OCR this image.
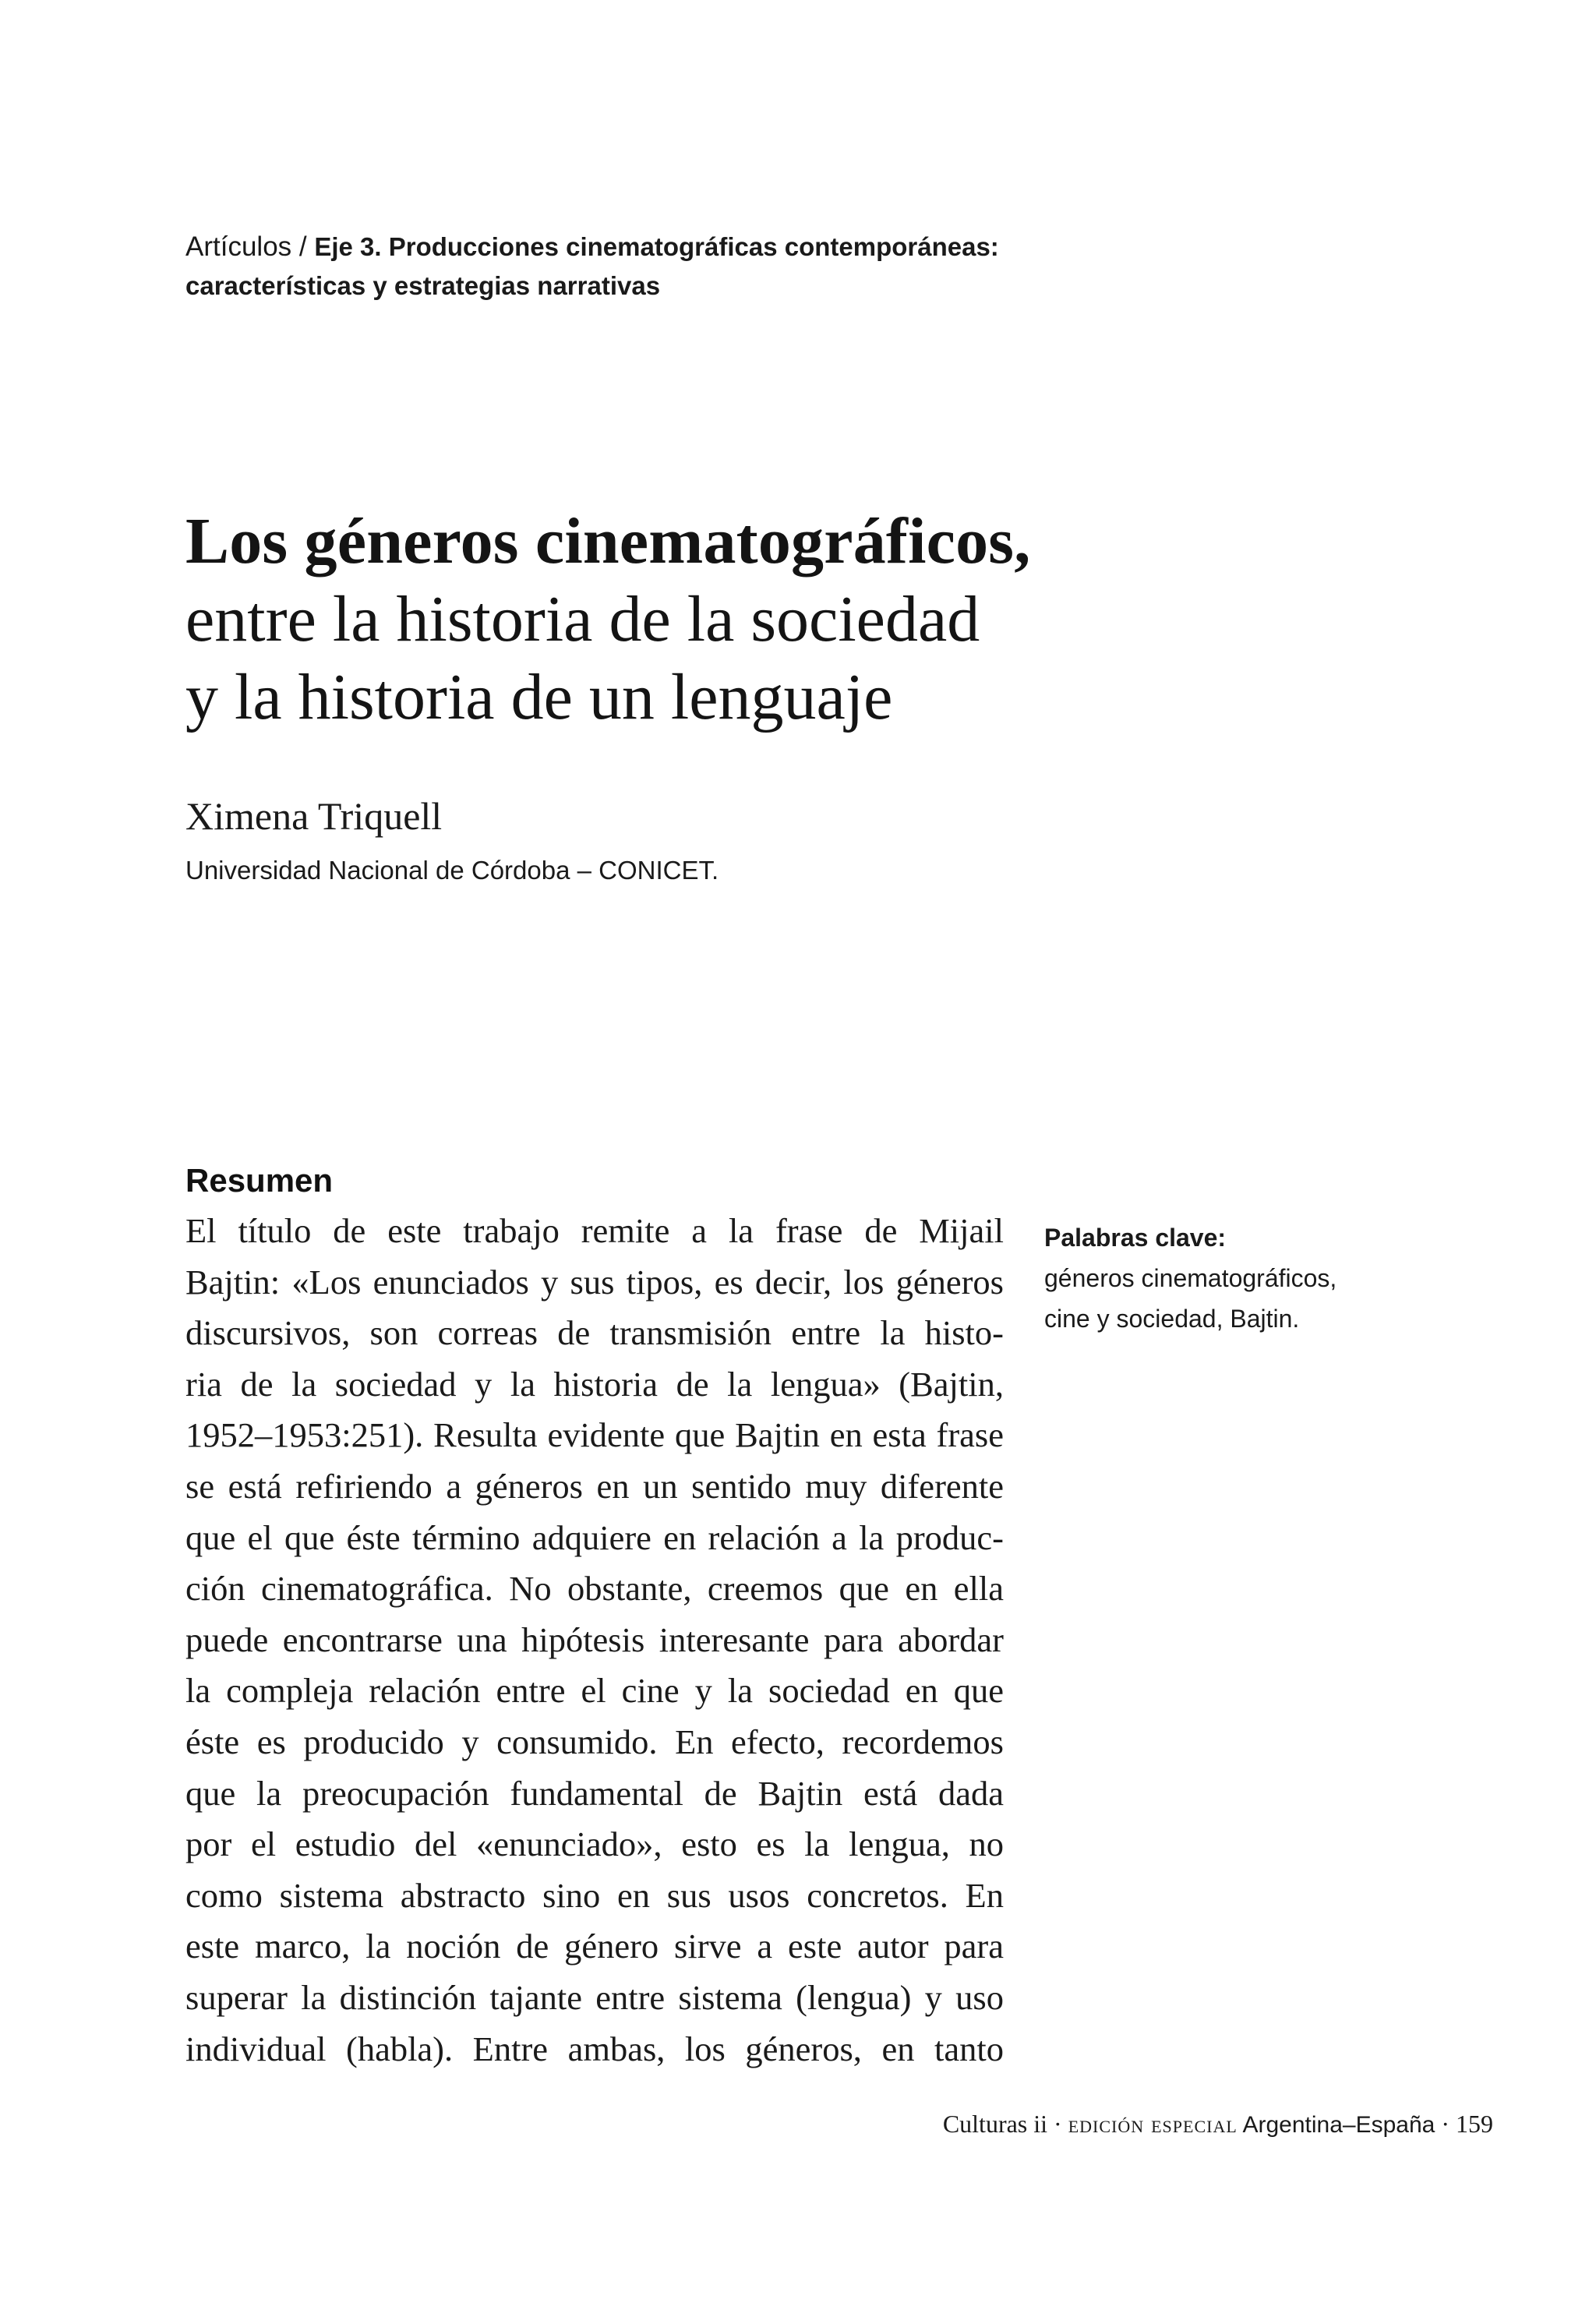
Artículos / Eje 3. Producciones cinematográficas contemporáneas:
características y estrategias narrativas
Los géneros cinematográficos,
entre la historia de la sociedad
y la historia de un lenguaje
Ximena Triquell
Universidad Nacional de Córdoba – CONICET.
Resumen
El título de este trabajo remite a la frase de Mijail
Bajtin: «Los enunciados y sus tipos, es decir, los géneros
discursivos, son correas de transmisión entre la histo-
ria de la sociedad y la historia de la lengua» (Bajtin,
1952–1953:251). Resulta evidente que Bajtin en esta frase
se está refiriendo a géneros en un sentido muy diferente
que el que éste término adquiere en relación a la produc-
ción cinematográfica. No obstante, creemos que en ella
puede encontrarse una hipótesis interesante para abordar
la compleja relación entre el cine y la sociedad en que
éste es producido y consumido. En efecto, recordemos
que la preocupación fundamental de Bajtin está dada
por el estudio del «enunciado», esto es la lengua, no
como sistema abstracto sino en sus usos concretos. En
este marco, la noción de género sirve a este autor para
superar la distinción tajante entre sistema (lengua) y uso
individual (habla). Entre ambas, los géneros, en tanto
Palabras clave:
géneros cinematográficos,
cine y sociedad, Bajtin.
Culturas ii · edición especial Argentina–España · 159
